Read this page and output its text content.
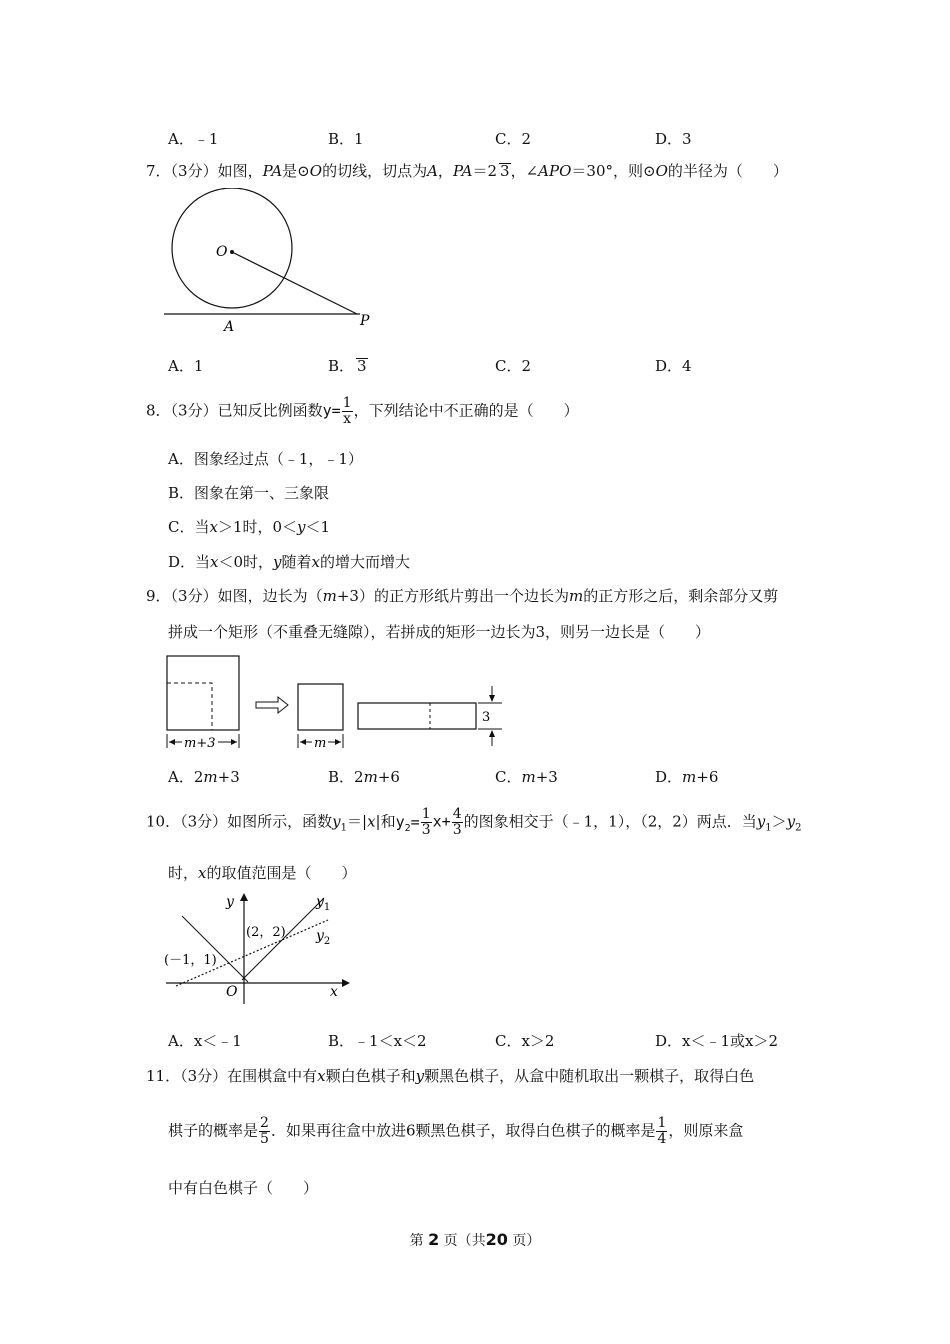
A．﹣1	B．1	C．2	D．3
7．（3分）如图，PA是⊙O的切线，切点为A，PA＝2 3，∠APO＝30°，则⊙O的半径为（　　）
O
A	P
A．1	B． 3	C．2	D．4
8．（3分）已知反比例函数$y= \frac{1}{x}$ ，下列结论中不正确的是（　　）
A．图象经过点（﹣1，﹣1）
B．图象在第一、三象限
C．当x＞1时，0＜y＜1
D．当x＜0时，y随着x的增大而增大
9．（3分）如图，边长为（m+3）的正方形纸片剪出一个边长为m的正方形之后，剩余部分又剪
拼成一个矩形（不重叠无缝隙），若拼成的矩形一边长为3，则另一边长是（　　）
m+3	m
3
A．2m+3	B．2m+6	C．m+3	D．m+6
10．（3分）如图所示，函数$y_1=|x|$和$y_2= \frac{1}{3} x+ \frac{4}{3}$ 的图象相交于（﹣1，1），（2，2）两点．当$y_1>y_2$
时，x的取值范围是（　　）
y
x
O
(2，2)
(－1，1)
$y_1$
$y_2$
A．x＜﹣1	B．﹣1＜x＜2	C．x＞2	D．x＜﹣1或x＞2
11．（3分）在围棋盒中有x颗白色棋子和y颗黑色棋子，从盒中随机取出一颗棋子，取得白色
棋子的概率是 $\frac{2}{5}$ ．如果再往盒中放进6颗黑色棋子，取得白色棋子的概率是 $\frac{1}{4}$ ，则原来盒
中有白色棋子（　　）
第 2 页（共20 页）
